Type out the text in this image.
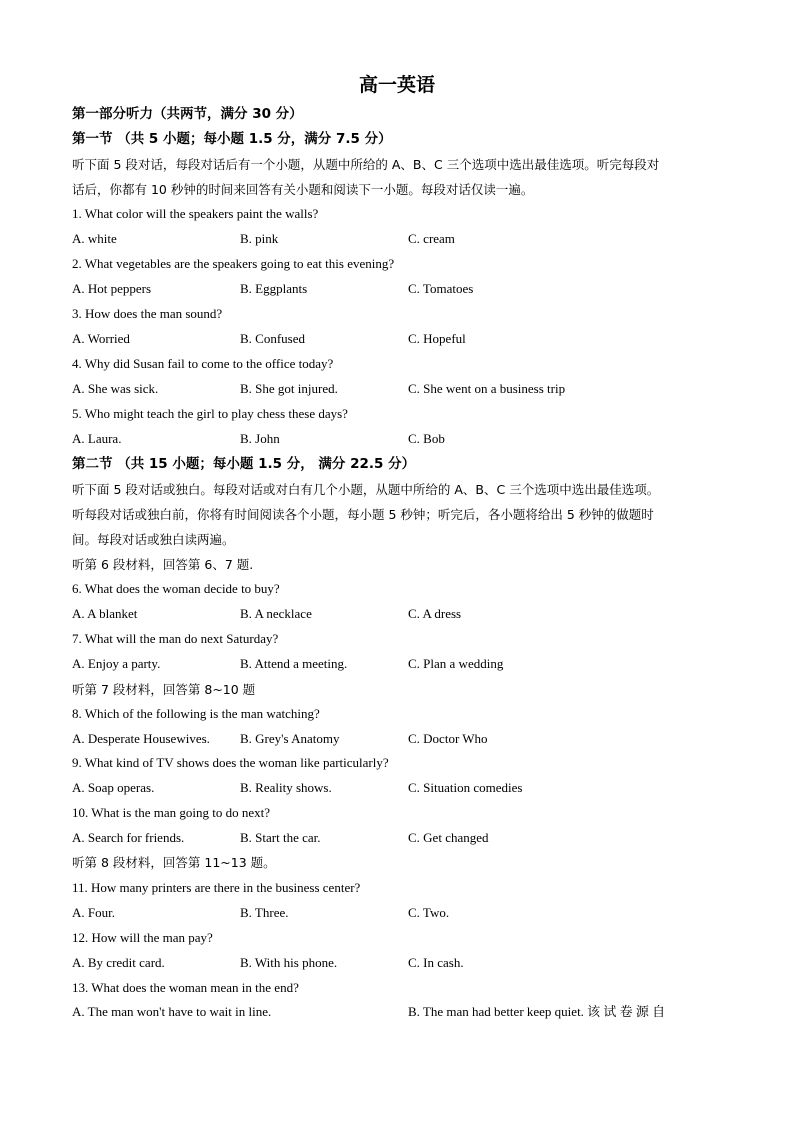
高一英语
第一部分听力（共两节，满分 30 分）
第一节 （共 5 小题；每小题 1.5 分，满分 7.5 分）
听下面 5 段对话，每段对话后有一个小题，从题中所给的 A、B、C 三个选项中选出最佳选项。听完每段对
话后，你都有 10 秒钟的时间来回答有关小题和阅读下一小题。每段对话仅读一遍。
1. What color will the speakers paint the walls?
A. white	B. pink	C. cream
2. What vegetables are the speakers going to eat this evening?
A. Hot peppers	B. Eggplants	C. Tomatoes
3. How does the man sound?
A. Worried	B. Confused	C. Hopeful
4. Why did Susan fail to come to the office today?
A. She was sick.	B. She got injured.	C. She went on a business trip
5. Who might teach the girl to play chess these days?
A. Laura.	B. John	C. Bob
第二节 （共 15 小题；每小题 1.5 分， 满分 22.5 分）
听下面 5 段对话或独白。每段对话或对白有几个小题，从题中所给的 A、B、C 三个选项中选出最佳选项。
听每段对话或独白前，你将有时间阅读各个小题，每小题 5 秒钟；听完后，各小题将给出 5 秒钟的做题时
间。每段对话或独白读两遍。
听第 6 段材料，回答第 6、7 题.
6. What does the woman decide to buy?
A. A blanket	B. A necklace	C. A dress
7. What will the man do next Saturday?
A. Enjoy a party.	B. Attend a meeting.	C. Plan a wedding
听第 7 段材料，回答第 8~10 题
8. Which of the following is the man watching?
A. Desperate Housewives. B. Grey's Anatomy	C. Doctor Who
9. What kind of TV shows does the woman like particularly?
A. Soap operas.	B. Reality shows.	C. Situation comedies
10. What is the man going to do next?
A. Search for friends.	B. Start the car.	C. Get changed
听第 8 段材料，回答第 11~13 题。
11. How many printers are there in the business center?
A. Four.	B. Three.	C. Two.
12. How will the man pay?
A. By credit card.	B. With his phone.	C. In cash.
13. What does the woman mean in the end?
A. The man won't have to wait in line.	B. The man had better keep quiet. 该 试 卷 源 自
